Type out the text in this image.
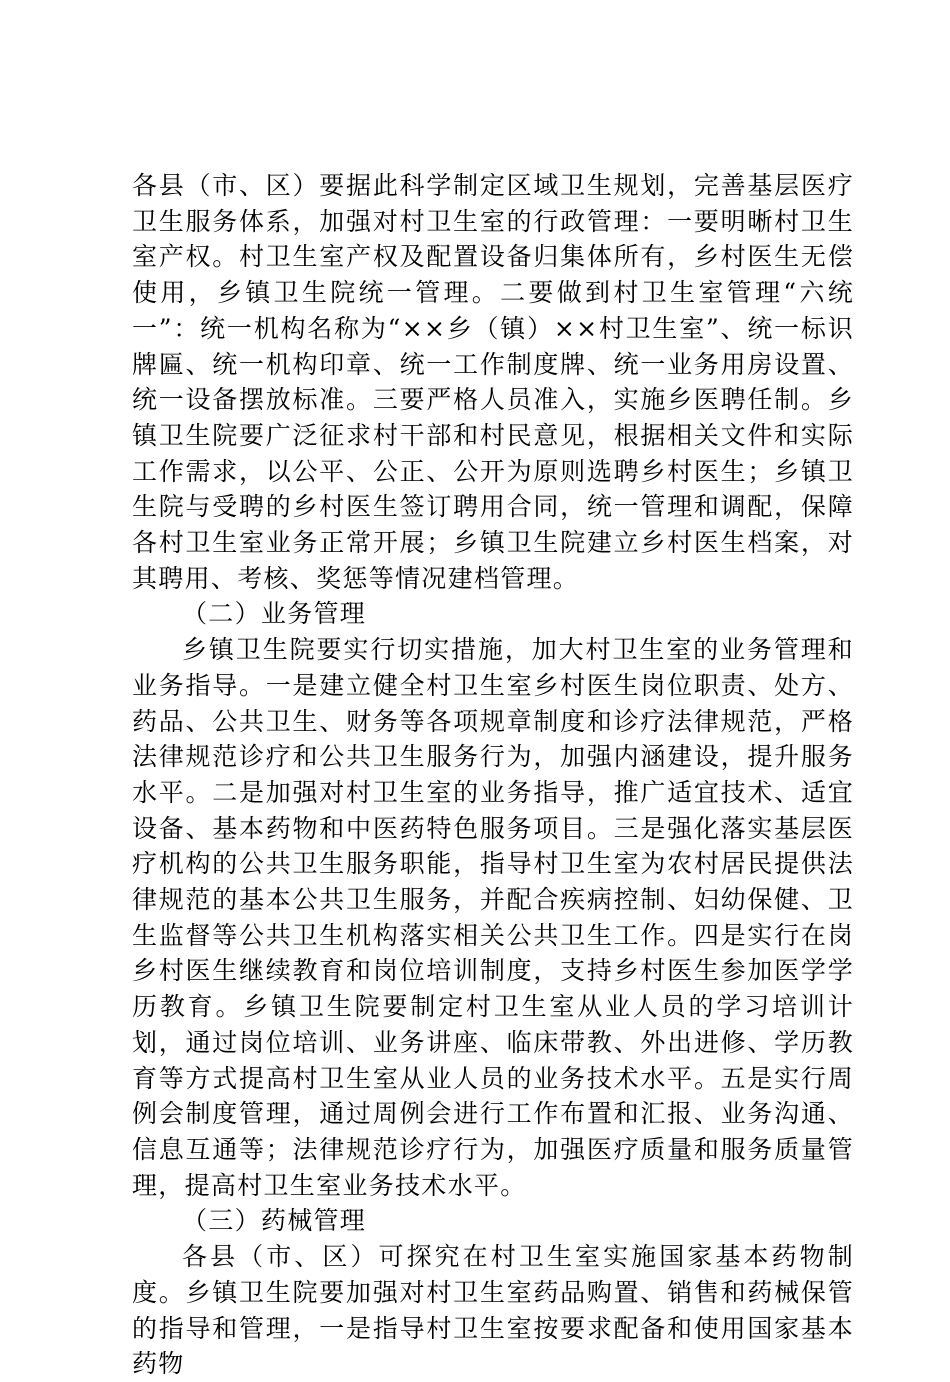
各县（市、区）要据此科学制定区域卫生规划，完善基层医疗卫生服务体系，加强对村卫生室的行政管理：一要明晰村卫生室产权。村卫生室产权及配置设备归集体所有，乡村医生无偿使用，乡镇卫生院统一管理。二要做到村卫生室管理“六统一”：统一机构名称为“××乡（镇）××村卫生室”、统一标识牌匾、统一机构印章、统一工作制度牌、统一业务用房设置、统一设备摆放标准。三要严格人员准入，实施乡医聘任制。乡镇卫生院要广泛征求村干部和村民意见，根据相关文件和实际工作需求，以公平、公正、公开为原则选聘乡村医生；乡镇卫生院与受聘的乡村医生签订聘用合同，统一管理和调配，保障各村卫生室业务正常开展；乡镇卫生院建立乡村医生档案，对其聘用、考核、奖惩等情况建档管理。

（二）业务管理

乡镇卫生院要实行切实措施，加大村卫生室的业务管理和业务指导。一是建立健全村卫生室乡村医生岗位职责、处方、药品、公共卫生、财务等各项规章制度和诊疗法律规范，严格法律规范诊疗和公共卫生服务行为，加强内涵建设，提升服务水平。二是加强对村卫生室的业务指导，推广适宜技术、适宜设备、基本药物和中医药特色服务项目。三是强化落实基层医疗机构的公共卫生服务职能，指导村卫生室为农村居民提供法律规范的基本公共卫生服务，并配合疾病控制、妇幼保健、卫生监督等公共卫生机构落实相关公共卫生工作。四是实行在岗乡村医生继续教育和岗位培训制度，支持乡村医生参加医学学历教育。乡镇卫生院要制定村卫生室从业人员的学习培训计划，通过岗位培训、业务讲座、临床带教、外出进修、学历教育等方式提高村卫生室从业人员的业务技术水平。五是实行周例会制度管理，通过周例会进行工作布置和汇报、业务沟通、信息互通等；法律规范诊疗行为，加强医疗质量和服务质量管理，提高村卫生室业务技术水平。

（三）药械管理

各县（市、区）可探究在村卫生室实施国家基本药物制度。乡镇卫生院要加强对村卫生室药品购置、销售和药械保管的指导和管理，一是指导村卫生室按要求配备和使用国家基本药物
